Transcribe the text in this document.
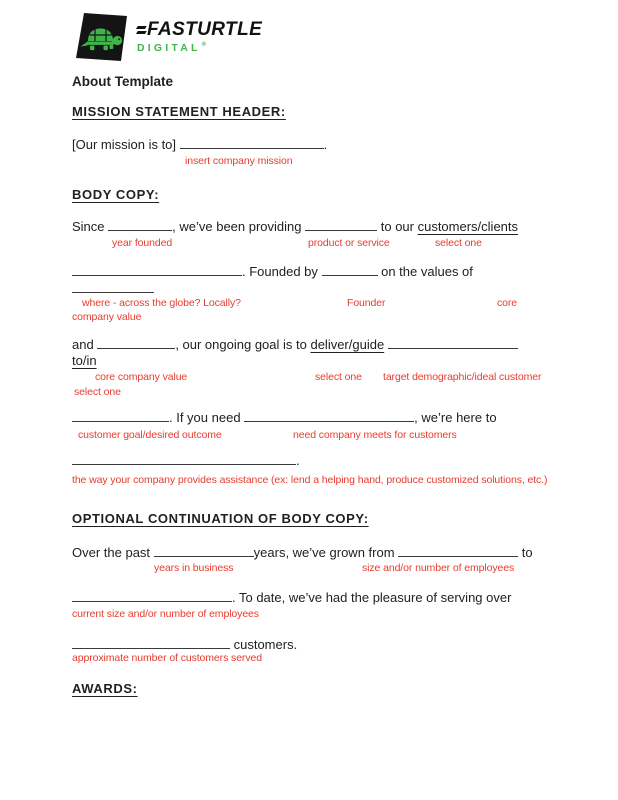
FASTURTLE
DIGITAL®
About Template
MISSION STATEMENT HEADER:
[Our mission is to]	.
insert company mission
BODY COPY:
Since	, we’ve been providing	to our customers/clients
year founded	product or service	select one
. Founded by	on the values of
where - across the globe? Locally?	Founder	core
company value
and	, our ongoing goal is to deliver/guide
to/in
core company value	select one target demographic/ideal customer
select one
. If you need	, we’re here to
customer goal/desired outcome	need company meets for customers
.
the way your company provides assistance (ex: lend a helping hand, produce customized solutions, etc.)
OPTIONAL CONTINUATION OF BODY COPY:
Over the past	years, we’ve grown from	to
years in business	size and/or number of employees
. To date, we’ve had the pleasure of serving over
current size and/or number of employees
customers.
approximate number of customers served
AWARDS:
